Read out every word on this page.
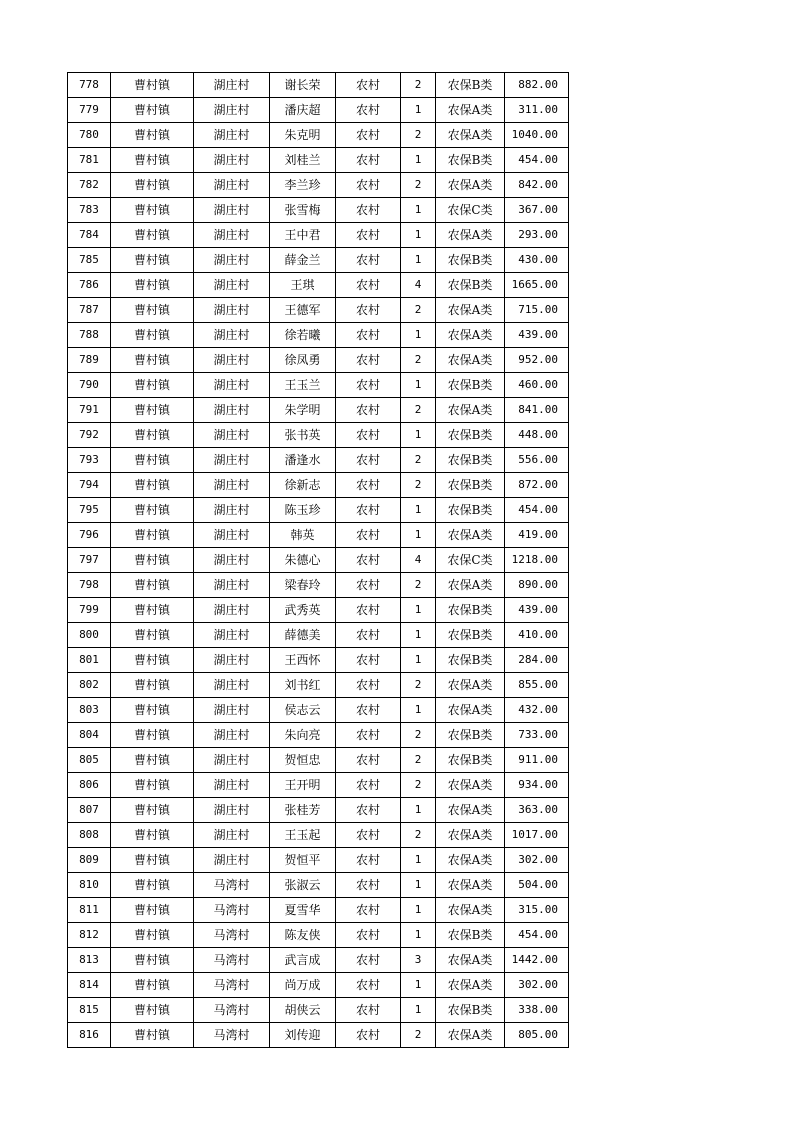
778	曹村镇	湖庄村	谢长荣	农村	2	农保B类	882.00
779	曹村镇	湖庄村	潘庆超	农村	1	农保A类	311.00
780	曹村镇	湖庄村	朱克明	农村	2	农保A类	1040.00
781	曹村镇	湖庄村	刘桂兰	农村	1	农保B类	454.00
782	曹村镇	湖庄村	李兰珍	农村	2	农保A类	842.00
783	曹村镇	湖庄村	张雪梅	农村	1	农保C类	367.00
784	曹村镇	湖庄村	王中君	农村	1	农保A类	293.00
785	曹村镇	湖庄村	薛金兰	农村	1	农保B类	430.00
786	曹村镇	湖庄村	王琪	农村	4	农保B类	1665.00
787	曹村镇	湖庄村	王德军	农村	2	农保A类	715.00
788	曹村镇	湖庄村	徐若曦	农村	1	农保A类	439.00
789	曹村镇	湖庄村	徐凤勇	农村	2	农保A类	952.00
790	曹村镇	湖庄村	王玉兰	农村	1	农保B类	460.00
791	曹村镇	湖庄村	朱学明	农村	2	农保A类	841.00
792	曹村镇	湖庄村	张书英	农村	1	农保B类	448.00
793	曹村镇	湖庄村	潘逢水	农村	2	农保B类	556.00
794	曹村镇	湖庄村	徐新志	农村	2	农保B类	872.00
795	曹村镇	湖庄村	陈玉珍	农村	1	农保B类	454.00
796	曹村镇	湖庄村	韩英	农村	1	农保A类	419.00
797	曹村镇	湖庄村	朱德心	农村	4	农保C类	1218.00
798	曹村镇	湖庄村	梁春玲	农村	2	农保A类	890.00
799	曹村镇	湖庄村	武秀英	农村	1	农保B类	439.00
800	曹村镇	湖庄村	薛德美	农村	1	农保B类	410.00
801	曹村镇	湖庄村	王西怀	农村	1	农保B类	284.00
802	曹村镇	湖庄村	刘书红	农村	2	农保A类	855.00
803	曹村镇	湖庄村	侯志云	农村	1	农保A类	432.00
804	曹村镇	湖庄村	朱向亮	农村	2	农保B类	733.00
805	曹村镇	湖庄村	贺恒忠	农村	2	农保B类	911.00
806	曹村镇	湖庄村	王开明	农村	2	农保A类	934.00
807	曹村镇	湖庄村	张桂芳	农村	1	农保A类	363.00
808	曹村镇	湖庄村	王玉起	农村	2	农保A类	1017.00
809	曹村镇	湖庄村	贺恒平	农村	1	农保A类	302.00
810	曹村镇	马湾村	张淑云	农村	1	农保A类	504.00
811	曹村镇	马湾村	夏雪华	农村	1	农保A类	315.00
812	曹村镇	马湾村	陈友侠	农村	1	农保B类	454.00
813	曹村镇	马湾村	武言成	农村	3	农保A类	1442.00
814	曹村镇	马湾村	尚万成	农村	1	农保A类	302.00
815	曹村镇	马湾村	胡侠云	农村	1	农保B类	338.00
816	曹村镇	马湾村	刘传迎	农村	2	农保A类	805.00
